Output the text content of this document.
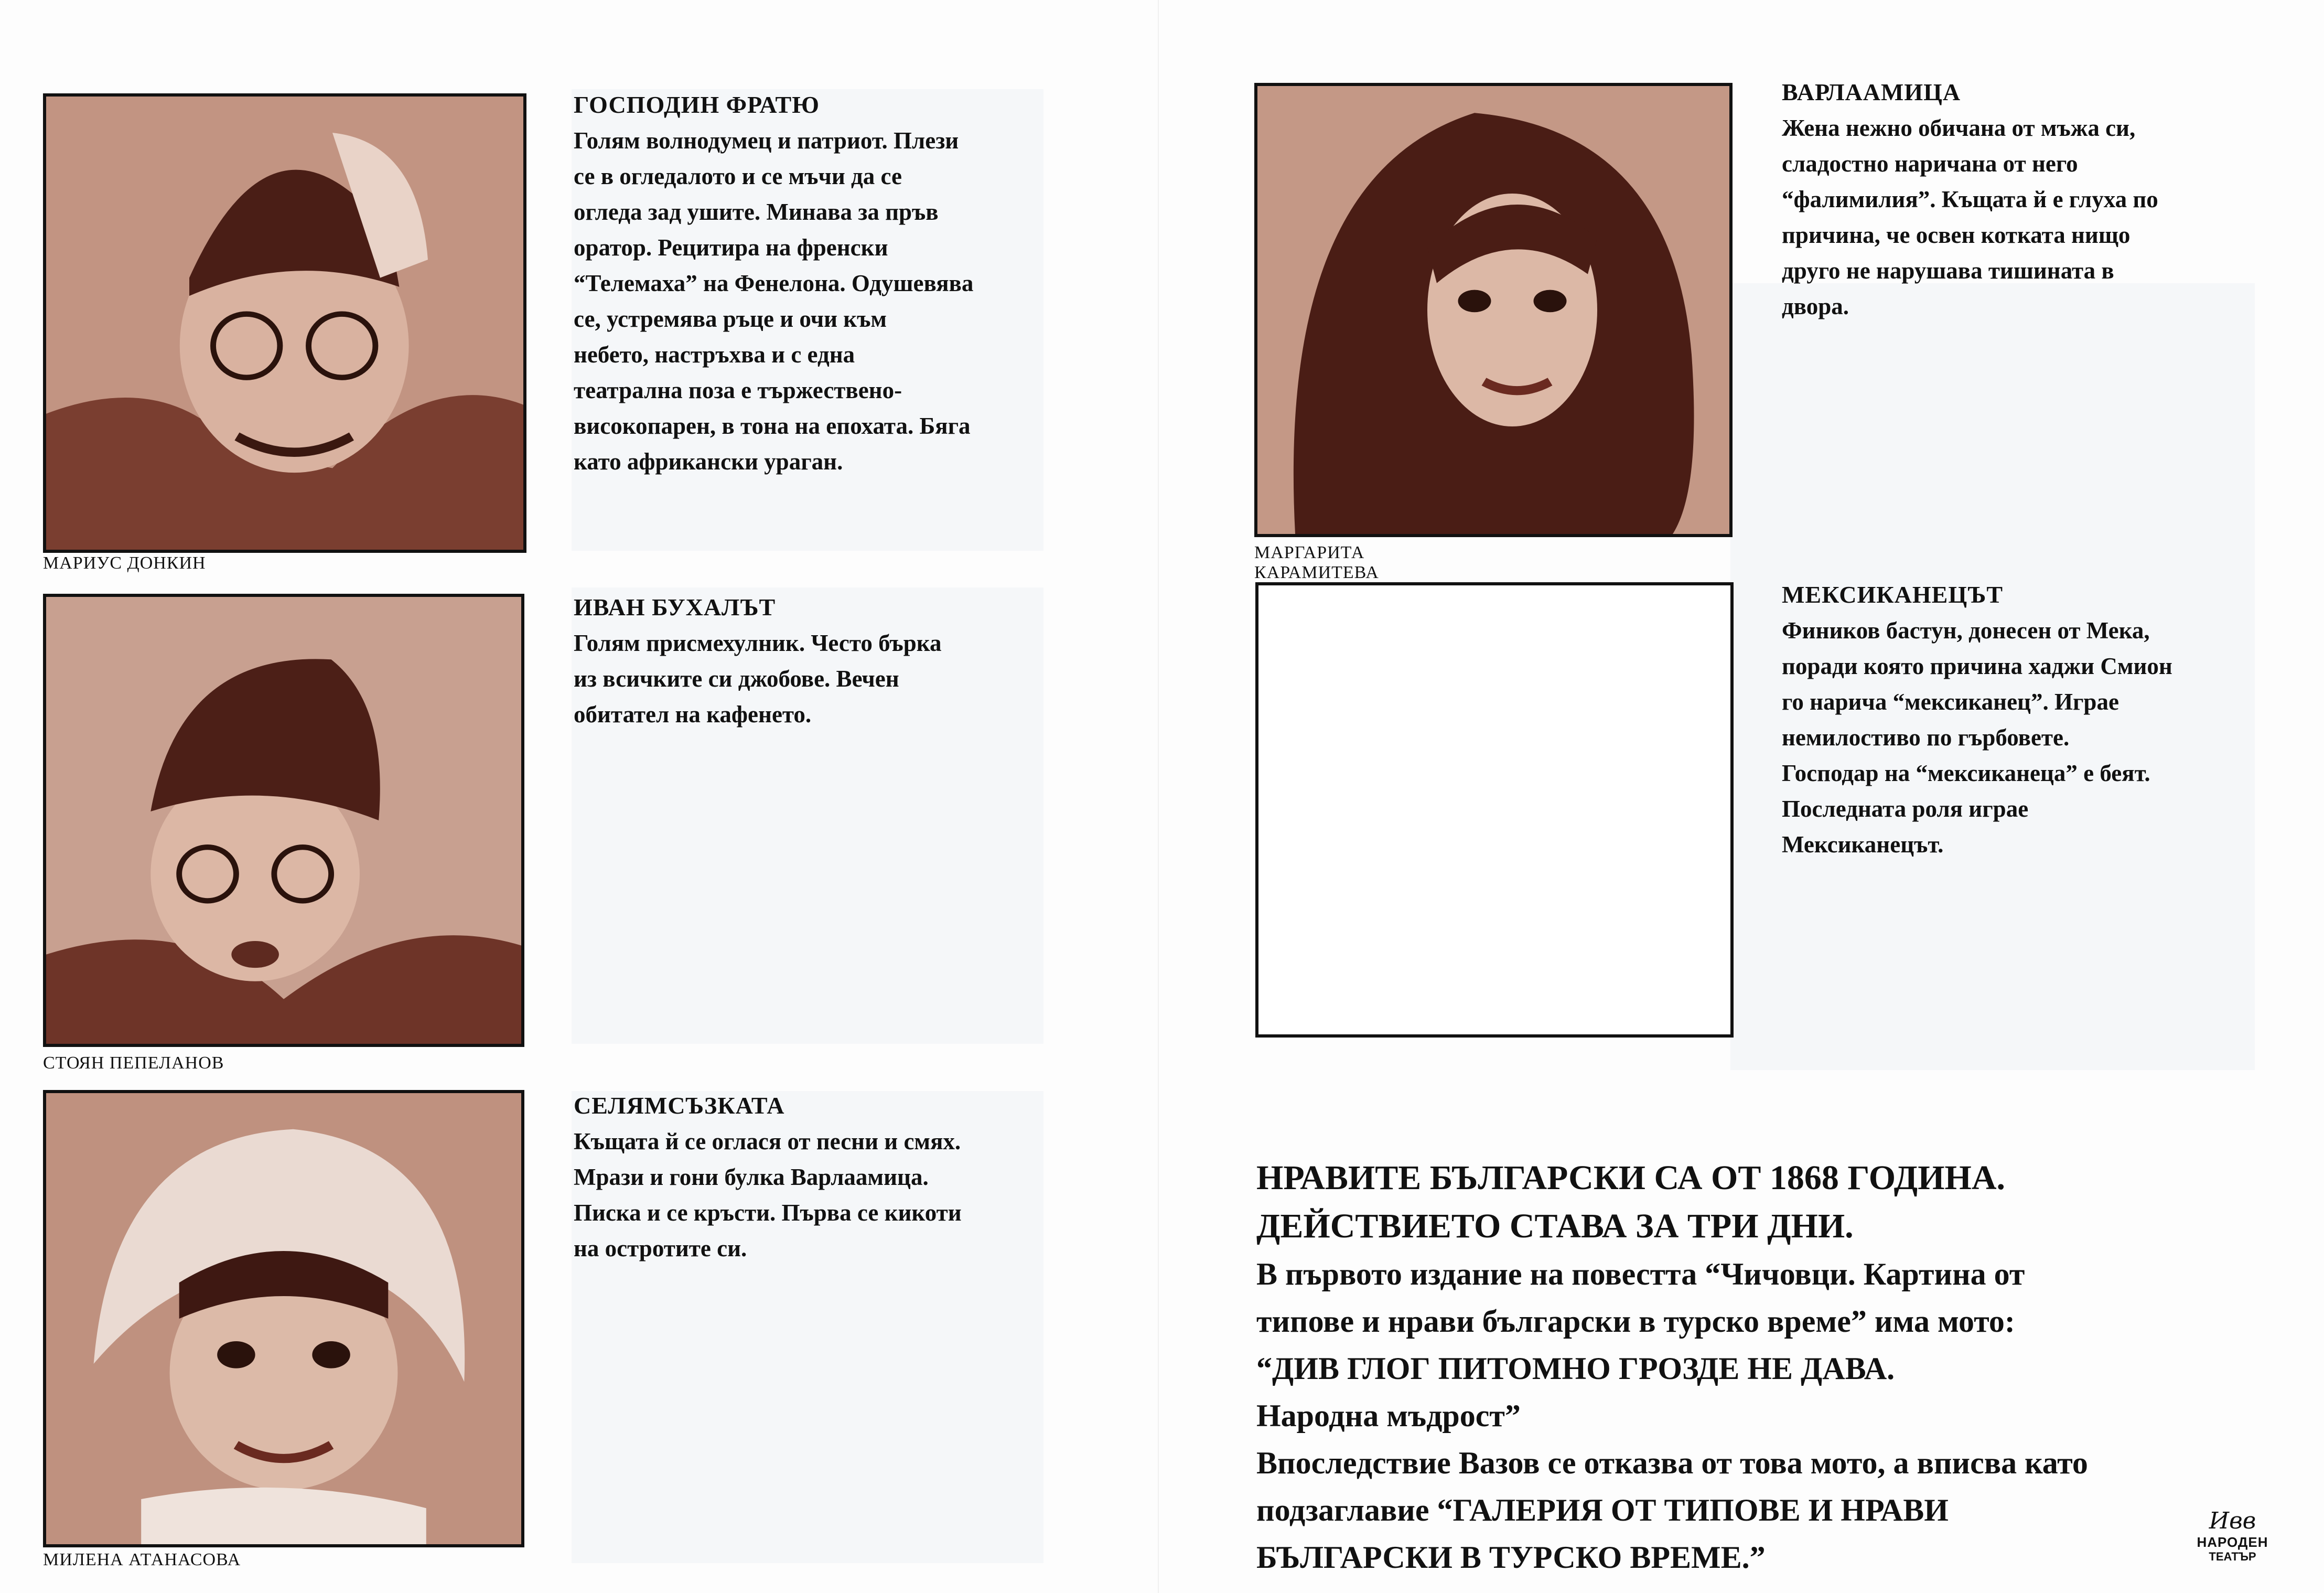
МАРИУС ДОНКИН
ГОСПОДИН ФРАТЮ

Голям волнодумец и патриот. Плези

се в огледалото и се мъчи да се

огледа зад ушите. Минава за пръв

оратор. Рецитира на френски

“Телемаха” на Фенелона. Одушевява

се, устремява ръце и очи към

небето, настръхва и с една

театрална поза е тържествено-

високопарен, в тона на епохата. Бяга

като африкански ураган.

СТОЯН ПЕПЕЛАНОВ
ИВАН БУХАЛЪТ

Голям присмехулник. Често бърка

из всичките си джобове. Вечен

обитател на кафенето.

МИЛЕНА АТАНАСОВА
СЕЛЯМСЪЗКАТА

Къщата й се оглася от песни и смях.

Мрази и гони булка Варлаамица.

Писка и се кръсти. Първа се кикоти

на остротите си.

МАРГАРИТА КАРАМИТЕВА
ВАРЛААМИЦА

Жена нежно обичана от мъжа си,

сладостно наричана от него

“фалимилия”. Къщата й е глуха по

причина, че освен котката нищо

друго не нарушава тишината в

двора.

МЕКСИКАНЕЦЪТ

Фиников бастун, донесен от Мека,

поради която причина хаджи Смион

го нарича “мексиканец”. Играе

немилостиво по гърбовете.

Господар на “мексиканеца” е беят.

Последната роля играе

Мексиканецът.

НРАВИТЕ БЪЛГАРСКИ СА ОТ 1868 ГОДИНА.
ДЕЙСТВИЕТО СТАВА ЗА ТРИ ДНИ.
В първото издание на повестта “Чичовци. Картина от
типове и нрави български в турско време” има мото:
“ДИВ ГЛОГ ПИТОМНО ГРОЗДЕ НЕ ДАВА.
Народна мъдрост”
Впоследствие Вазов се отказва от това мото, а вписва като
подзаглавие “ГАЛЕРИЯ ОТ ТИПОВЕ И НРАВИ
БЪЛГАРСКИ В ТУРСКО ВРЕМЕ.”
Ивв
НАРОДЕН
ТЕАТЪР
